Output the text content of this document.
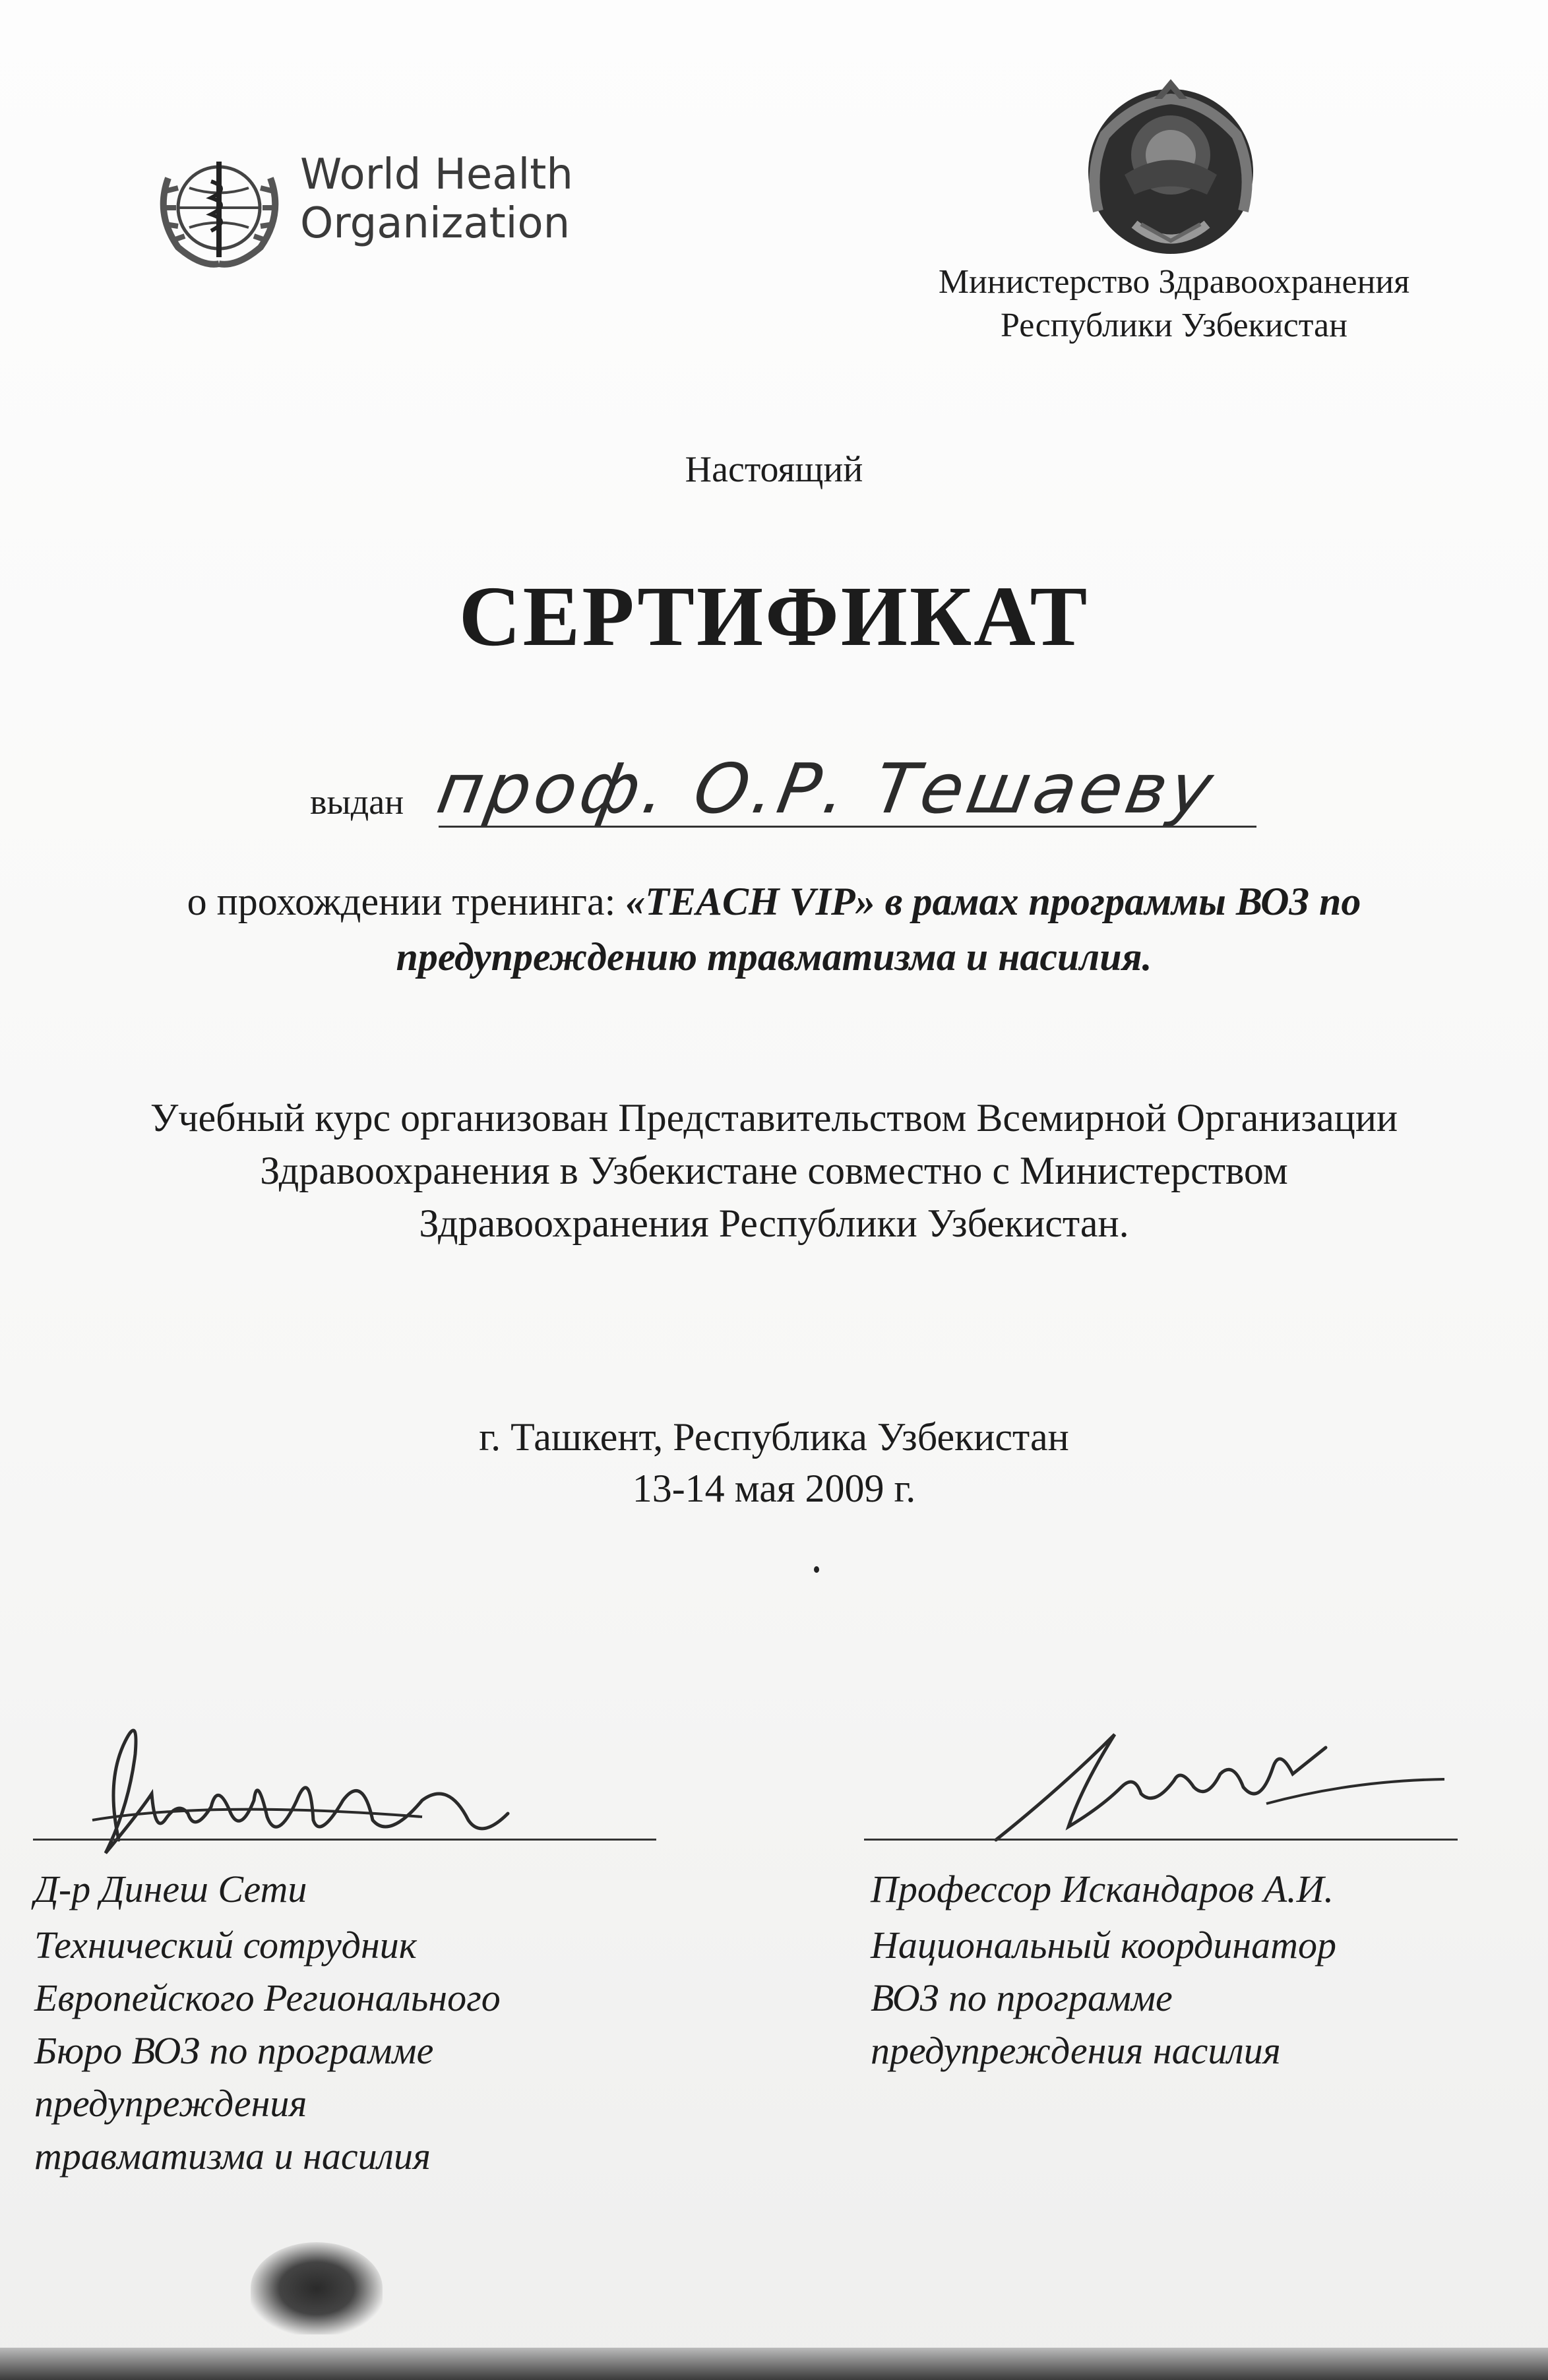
World Health
Organization
Министерство Здравоохранения
Республики Узбекистан
Настоящий
СЕРТИФИКАТ
выдан проф. О.Р. Тешаеву
о прохождении тренинга: «TEACH VIP» в рамах программы ВОЗ по предупреждению травматизма и насилия.
Учебный курс организован Представительством Всемирной Организации
Здравоохранения в Узбекистане совместно с Министерством
Здравоохранения Республики Узбекистан.
г. Ташкент, Республика Узбекистан
13-14 мая 2009 г.
Д-р Динеш Сети
Технический сотрудник
Европейского Регионального
Бюро ВОЗ по программе
предупреждения
травматизма и насилия
Профессор Искандаров А.И.
Национальный координатор
ВОЗ по программе
предупреждения насилия
